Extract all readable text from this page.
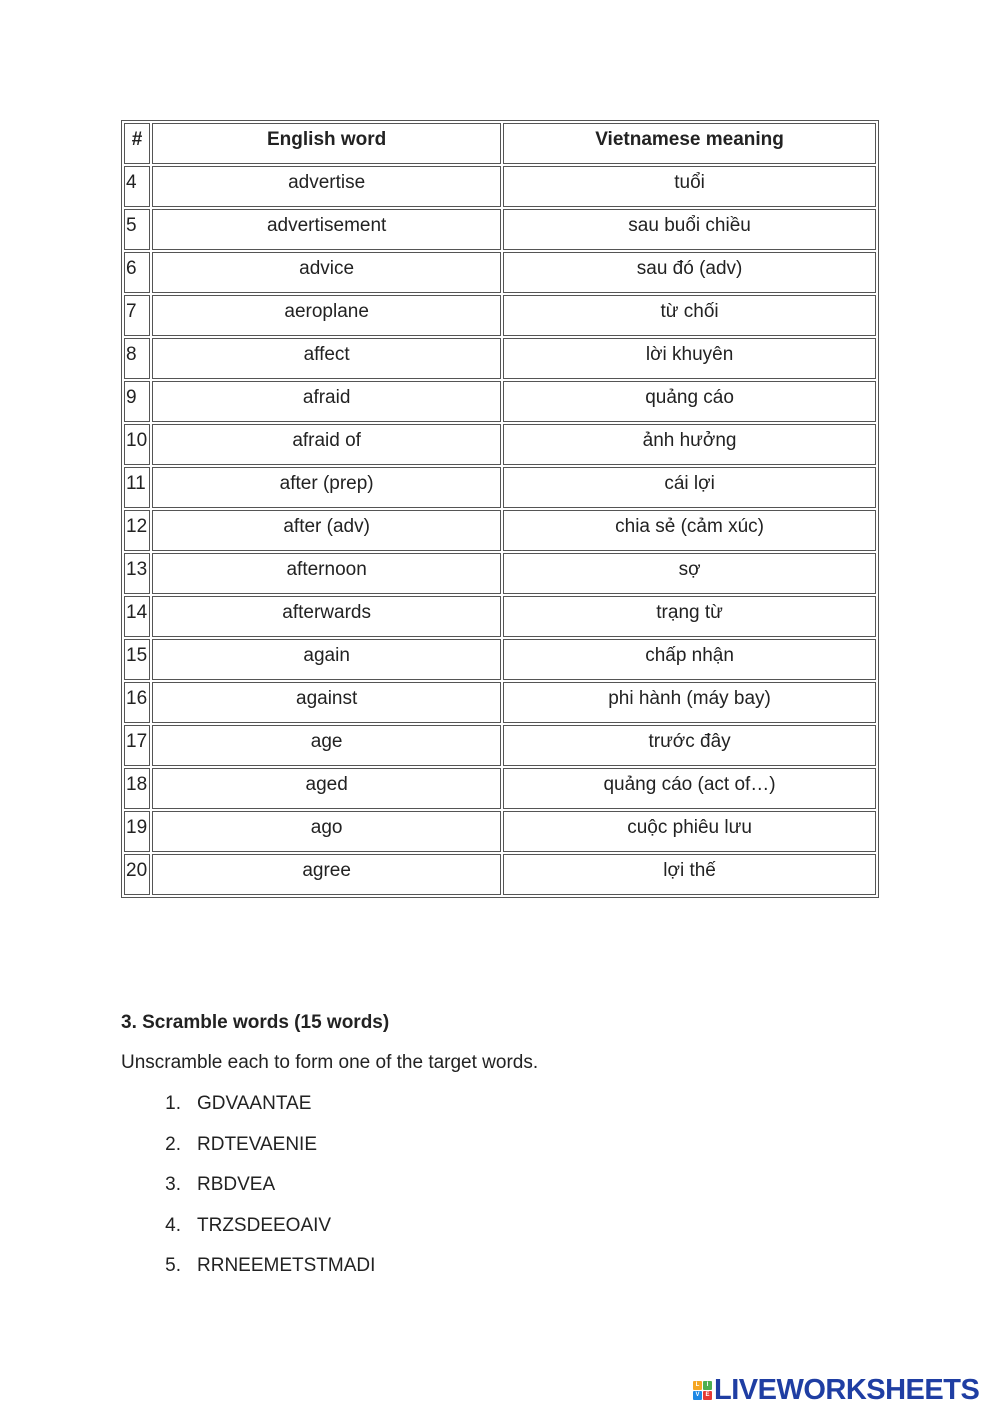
#	English word	Vietnamese meaning
4	advertise	tuổi
5	advertisement	sau buổi chiều
6	advice	sau đó (adv)
7	aeroplane	từ chối
8	affect	lời khuyên
9	afraid	quảng cáo
10	afraid of	ảnh hưởng
11	after (prep)	cái lợi
12	after (adv)	chia sẻ (cảm xúc)
13	afternoon	sợ
14	afterwards	trạng từ
15	again	chấp nhận
16	against	phi hành (máy bay)
17	age	trước đây
18	aged	quảng cáo (act of…)
19	ago	cuộc phiêu lưu
20	agree	lợi thế
3. Scramble words (15 words)

Unscramble each to form one of the target words.

1. GDVAANTAE
2. RDTEVAENIE
3. RBDVEA
4. TRZSDEEOAIV
5. RRNEEMETSTMADI
L	I
V E LIVEWORKSHEETS
